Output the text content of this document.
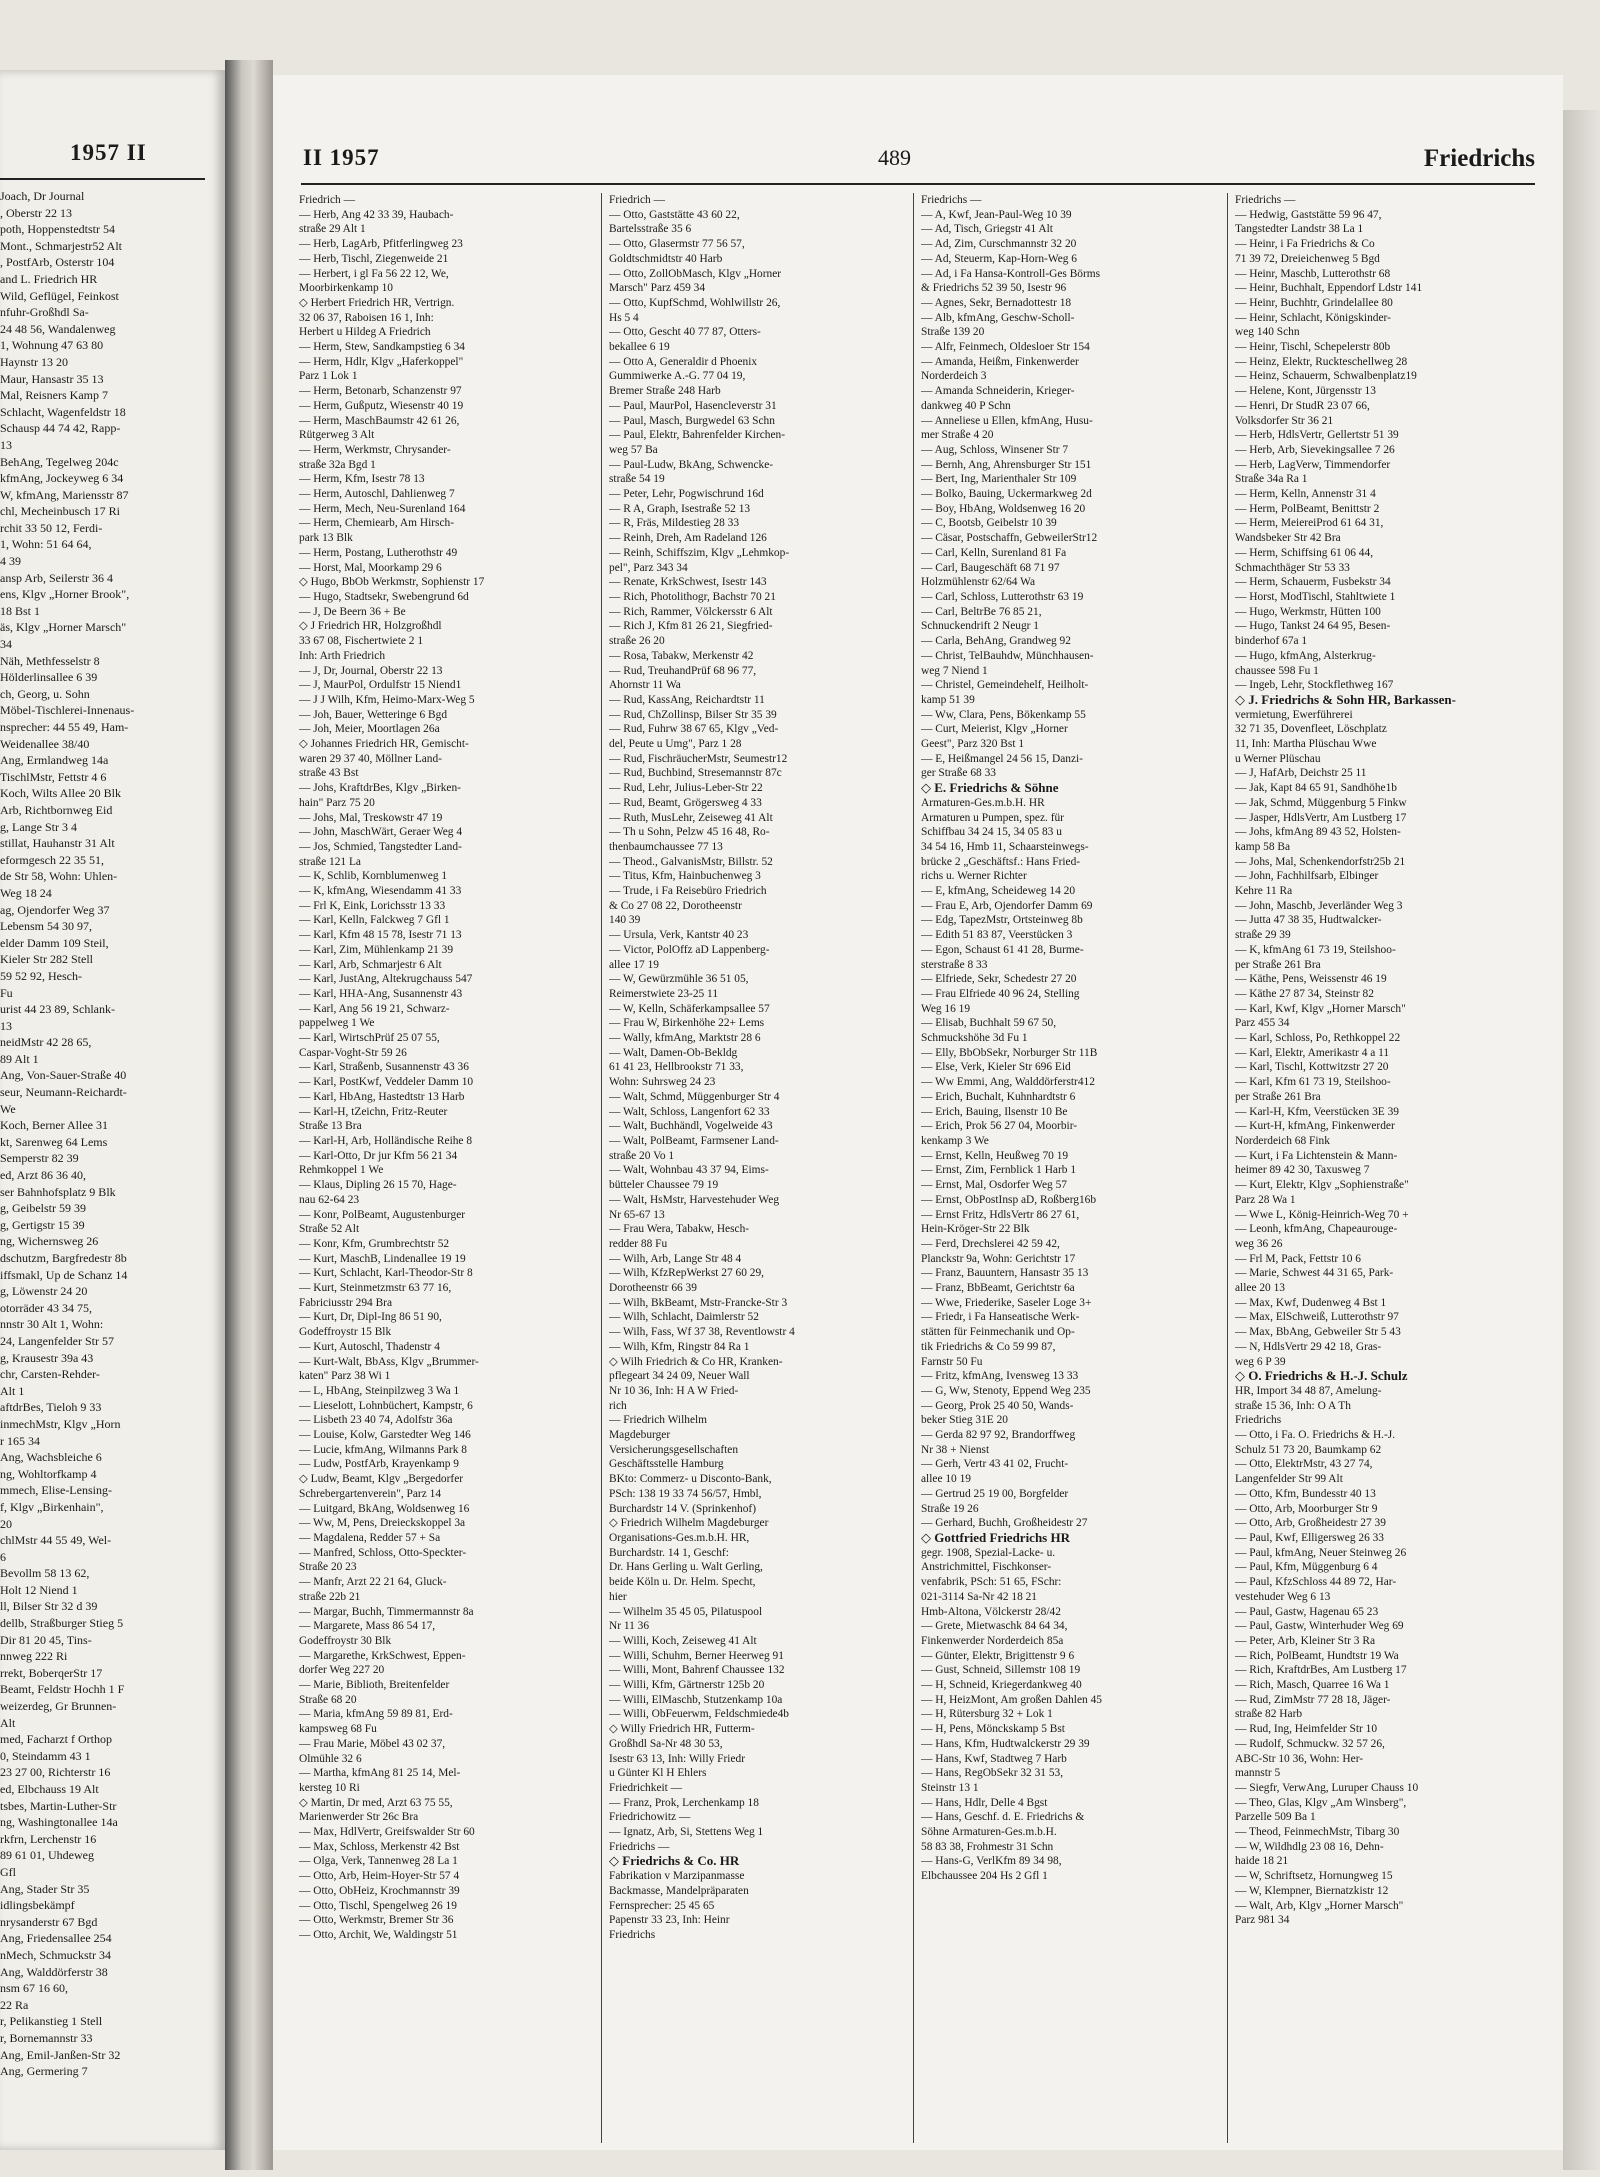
1957 II
Joach, Dr Journal
, Oberstr 22 13
poth, Hoppenstedtstr 54
Mont., Schmarjestr52 Alt
, PostfArb, Osterstr 104
and L. Friedrich HR
Wild, Geflügel, Feinkost
nfuhr-Großhdl Sa-
24 48 56, Wandalenweg
1, Wohnung 47 63 80
Haynstr 13 20
Maur, Hansastr 35 13
Mal, Reisners Kamp 7
Schlacht, Wagenfeldstr 18
Schausp 44 74 42, Rapp-
13
BehAng, Tegelweg 204c
kfmAng, Jockeyweg 6 34
W, kfmAng, Mariensstr 87
chl, Mecheinbusch 17 Ri
rchit 33 50 12, Ferdi-
1, Wohn: 51 64 64,
4 39
ansp Arb, Seilerstr 36 4
ens, Klgv „Horner Brook",
18 Bst 1
äs, Klgv „Horner Marsch"
34
Näh, Methfesselstr 8
Hölderlinsallee 6 39
ch, Georg, u. Sohn
Möbel-Tischlerei-Innenaus-
nsprecher: 44 55 49, Ham-
Weidenallee 38/40
Ang, Ermlandweg 14a
TischlMstr, Fettstr 4 6
Koch, Wilts Allee 20 Blk
Arb, Richtbornweg Eid
g, Lange Str 3 4
stillat, Hauhanstr 31 Alt
eformgesch 22 35 51,
de Str 58, Wohn: Uhlen-
Weg 18 24
ag, Ojendorfer Weg 37
Lebensm 54 30 97,
elder Damm 109 Steil,
Kieler Str 282 Stell
59 52 92, Hesch-
Fu
urist 44 23 89, Schlank-
13
neidMstr 42 28 65,
89 Alt 1
Ang, Von-Sauer-Straße 40
seur, Neumann-Reichardt-
We
Koch, Berner Allee 31
kt, Sarenweg 64 Lems
Semperstr 82 39
ed, Arzt 86 36 40,
ser Bahnhofsplatz 9 Blk
g, Geibelstr 59 39
g, Gertigstr 15 39
ng, Wichernsweg 26
dschutzm, Bargfredestr 8b
iffsmakl, Up de Schanz 14
g, Löwenstr 24 20
otorräder 43 34 75,
nnstr 30 Alt 1, Wohn:
24, Langenfelder Str 57
g, Krausestr 39a 43
chr, Carsten-Rehder-
Alt 1
aftdrBes, Tieloh 9 33
inmechMstr, Klgv „Horn
r 165 34
Ang, Wachsbleiche 6
ng, Wohltorfkamp 4
mmech, Elise-Lensing-
f, Klgv „Birkenhain",
20
chlMstr 44 55 49, Wel-
6
Bevollm 58 13 62,
Holt 12 Niend 1
ll, Bilser Str 32 d 39
dellb, Straßburger Stieg 5
Dir 81 20 45, Tins-
nnweg 222 Ri
rrekt, BoberqerStr 17
Beamt, Feldstr Hochh 1 F
weizerdeg, Gr Brunnen-
Alt
med, Facharzt f Orthop
0, Steindamm 43 1
23 27 00, Richterstr 16
ed, Elbchauss 19 Alt
tsbes, Martin-Luther-Str
ng, Washingtonallee 14a
rkfrn, Lerchenstr 16
89 61 01, Uhdeweg
Gfl
Ang, Stader Str 35
idlingsbekämpf
nrysanderstr 67 Bgd
Ang, Friedensallee 254
nMech, Schmuckstr 34
Ang, Walddörferstr 38
nsm 67 16 60,
22 Ra
r, Pelikanstieg 1 Stell
r, Bornemannstr 33
Ang, Emil-Janßen-Str 32
Ang, Germering 7
II 1957	489	Friedrichs
Friedrich —
— Herb, Ang 42 33 39, Haubach-
straße 29 Alt 1
— Herb, LagArb, Pfitferlingweg 23
— Herb, Tischl, Ziegenweide 21
— Herbert, i gl Fa 56 22 12, We,
Moorbirkenkamp 10
◇ Herbert Friedrich HR, Vertrign.
32 06 37, Raboisen 16 1, Inh:
Herbert u Hildeg A Friedrich
— Herm, Stew, Sandkampstieg 6 34
— Herm, Hdlr, Klgv „Haferkoppel"
Parz 1 Lok 1
— Herm, Betonarb, Schanzenstr 97
— Herm, Gußputz, Wiesenstr 40 19
— Herm, MaschBaumstr 42 61 26,
Rütgerweg 3 Alt
— Herm, Werkmstr, Chrysander-
straße 32a Bgd 1
— Herm, Kfm, Isestr 78 13
— Herm, Autoschl, Dahlienweg 7
— Herm, Mech, Neu-Surenland 164
— Herm, Chemiearb, Am Hirsch-
park 13 Blk
— Herm, Postang, Lutherothstr 49
— Horst, Mal, Moorkamp 29 6
◇ Hugo, BbOb Werkmstr, Sophienstr 17
— Hugo, Stadtsekr, Swebengrund 6d
— J, De Beern 36 + Be
◇ J Friedrich HR, Holzgroßhdl
33 67 08, Fischertwiete 2 1
Inh: Arth Friedrich
— J, Dr, Journal, Oberstr 22 13
— J, MaurPol, Ordulfstr 15 Niend1
— J J Wilh, Kfm, Heimo-Marx-Weg 5
— Joh, Bauer, Wetteringe 6 Bgd
— Joh, Meier, Moortlagen 26a
◇ Johannes Friedrich HR, Gemischt-
waren 29 37 40, Möllner Land-
straße 43 Bst
— Johs, KraftdrBes, Klgv „Birken-
hain" Parz 75 20
— Johs, Mal, Treskowstr 47 19
— John, MaschWärt, Geraer Weg 4
— Jos, Schmied, Tangstedter Land-
straße 121 La
— K, Schlib, Kornblumenweg 1
— K, kfmAng, Wiesendamm 41 33
— Frl K, Eink, Lorichsstr 13 33
— Karl, Kelln, Falckweg 7 Gfl 1
— Karl, Kfm 48 15 78, Isestr 71 13
— Karl, Zim, Mühlenkamp 21 39
— Karl, Arb, Schmarjestr 6 Alt
— Karl, JustAng, Altekrugchauss 547
— Karl, HHA-Ang, Susannenstr 43
— Karl, Ang 56 19 21, Schwarz-
pappelweg 1 We
— Karl, WirtschPrüf 25 07 55,
Caspar-Voght-Str 59 26
— Karl, Straßenb, Susannenstr 43 36
— Karl, PostKwf, Veddeler Damm 10
— Karl, HbAng, Hastedtstr 13 Harb
— Karl-H, tZeichn, Fritz-Reuter
Straße 13 Bra
— Karl-H, Arb, Holländische Reihe 8
— Karl-Otto, Dr jur Kfm 56 21 34
Rehmkoppel 1 We
— Klaus, Dipling 26 15 70, Hage-
nau 62-64 23
— Konr, PolBeamt, Augustenburger
Straße 52 Alt
— Konr, Kfm, Grumbrechtstr 52
— Kurt, MaschB, Lindenallee 19 19
— Kurt, Schlacht, Karl-Theodor-Str 8
— Kurt, Steinmetzmstr 63 77 16,
Fabriciusstr 294 Bra
— Kurt, Dr, Dipl-Ing 86 51 90,
Godeffroystr 15 Blk
— Kurt, Autoschl, Thadenstr 4
— Kurt-Walt, BbAss, Klgv „Brummer-
katen" Parz 38 Wi 1
— L, HbAng, Steinpilzweg 3 Wa 1
— Lieselott, Lohnbüchert, Kampstr, 6
— Lisbeth 23 40 74, Adolfstr 36a
— Louise, Kolw, Garstedter Weg 146
— Lucie, kfmAng, Wilmanns Park 8
— Ludw, PostfArb, Krayenkamp 9
◇ Ludw, Beamt, Klgv „Bergedorfer
Schrebergartenverein", Parz 14
— Luitgard, BkAng, Woldsenweg 16
— Ww, M, Pens, Dreieckskoppel 3a
— Magdalena, Redder 57 + Sa
— Manfred, Schloss, Otto-Speckter-
Straße 20 23
— Manfr, Arzt 22 21 64, Gluck-
straße 22b 21
— Margar, Buchh, Timmermannstr 8a
— Margarete, Mass 86 54 17,
Godeffroystr 30 Blk
— Margarethe, KrkSchwest, Eppen-
dorfer Weg 227 20
— Marie, Biblioth, Breitenfelder
Straße 68 20
— Maria, kfmAng 59 89 81, Erd-
kampsweg 68 Fu
— Frau Marie, Möbel 43 02 37,
Olmühle 32 6
— Martha, kfmAng 81 25 14, Mel-
kersteg 10 Ri
◇ Martin, Dr med, Arzt 63 75 55,
Marienwerder Str 26c Bra
— Max, HdlVertr, Greifswalder Str 60
— Max, Schloss, Merkenstr 42 Bst
— Olga, Verk, Tannenweg 28 La 1
— Otto, Arb, Heim-Hoyer-Str 57 4
— Otto, ObHeiz, Krochmannstr 39
— Otto, Tischl, Spengelweg 26 19
— Otto, Werkmstr, Bremer Str 36
— Otto, Archit, We, Waldingstr 51
Friedrich —
— Otto, Gaststätte 43 60 22,
Bartelsstraße 35 6
— Otto, Glasermstr 77 56 57,
Goldtschmidtstr 40 Harb
— Otto, ZollObMasch, Klgv „Horner
Marsch" Parz 459 34
— Otto, KupfSchmd, Wohlwillstr 26,
Hs 5 4
— Otto, Gescht 40 77 87, Otters-
bekallee 6 19
— Otto A, Generaldir d Phoenix
Gummiwerke A.-G. 77 04 19,
Bremer Straße 248 Harb
— Paul, MaurPol, Hasencleverstr 31
— Paul, Masch, Burgwedel 63 Schn
— Paul, Elektr, Bahrenfelder Kirchen-
weg 57 Ba
— Paul-Ludw, BkAng, Schwencke-
straße 54 19
— Peter, Lehr, Pogwischrund 16d
— R A, Graph, Isestraße 52 13
— R, Fräs, Mildestieg 28 33
— Reinh, Dreh, Am Radeland 126
— Reinh, Schiffszim, Klgv „Lehmkop-
pel", Parz 343 34
— Renate, KrkSchwest, Isestr 143
— Rich, Photolithogr, Bachstr 70 21
— Rich, Rammer, Völckersstr 6 Alt
— Rich J, Kfm 81 26 21, Siegfried-
straße 26 20
— Rosa, Tabakw, Merkenstr 42
— Rud, TreuhandPrüf 68 96 77,
Ahornstr 11 Wa
— Rud, KassAng, Reichardtstr 11
— Rud, ChZollinsp, Bilser Str 35 39
— Rud, Fuhrw 38 67 65, Klgv „Ved-
del, Peute u Umg", Parz 1 28
— Rud, FischräucherMstr, Seumestr12
— Rud, Buchbind, Stresemannstr 87c
— Rud, Lehr, Julius-Leber-Str 22
— Rud, Beamt, Grögersweg 4 33
— Ruth, MusLehr, Zeiseweg 41 Alt
— Th u Sohn, Pelzw 45 16 48, Ro-
thenbaumchaussee 77 13
— Theod., GalvanisMstr, Billstr. 52
— Titus, Kfm, Hainbuchenweg 3
— Trude, i Fa Reisebüro Friedrich
& Co 27 08 22, Dorotheenstr
140 39
— Ursula, Verk, Kantstr 40 23
— Victor, PolOffz aD Lappenberg-
allee 17 19
— W, Gewürzmühle 36 51 05,
Reimerstwiete 23-25 11
— W, Kelln, Schäferkampsallee 57
— Frau W, Birkenhöhe 22+ Lems
— Wally, kfmAng, Marktstr 28 6
— Walt, Damen-Ob-Bekldg
61 41 23, Hellbrookstr 71 33,
Wohn: Suhrsweg 24 23
— Walt, Schmd, Müggenburger Str 4
— Walt, Schloss, Langenfort 62 33
— Walt, Buchhändl, Vogelweide 43
— Walt, PolBeamt, Farmsener Land-
straße 20 Vo 1
— Walt, Wohnbau 43 37 94, Eims-
bütteler Chaussee 79 19
— Walt, HsMstr, Harvestehuder Weg
Nr 65-67 13
— Frau Wera, Tabakw, Hesch-
redder 88 Fu
— Wilh, Arb, Lange Str 48 4
— Wilh, KfzRepWerkst 27 60 29,
Dorotheenstr 66 39
— Wilh, BkBeamt, Mstr-Francke-Str 3
— Wilh, Schlacht, Daimlerstr 52
— Wilh, Fass, Wf 37 38, Reventlowstr 4
— Wilh, Kfm, Ringstr 84 Ra 1
◇ Wilh Friedrich & Co HR, Kranken-
pflegeart 34 24 09, Neuer Wall
Nr 10 36, Inh: H A W Fried-
rich
— Friedrich Wilhelm
Magdeburger
Versicherungsgesellschaften
Geschäftsstelle Hamburg
BKto: Commerz- u Disconto-Bank,
PSch: 138 19 33 74 56/57, Hmbl,
Burchardstr 14 V. (Sprinkenhof)
◇ Friedrich Wilhelm Magdeburger
Organisations-Ges.m.b.H. HR,
Burchardstr. 14 1, Geschf:
Dr. Hans Gerling u. Walt Gerling,
beide Köln u. Dr. Helm. Specht,
hier
— Wilhelm 35 45 05, Pilatuspool
Nr 11 36
— Willi, Koch, Zeiseweg 41 Alt
— Willi, Schuhm, Berner Heerweg 91
— Willi, Mont, Bahrenf Chaussee 132
— Willi, Kfm, Gärtnerstr 125b 20
— Willi, ElMaschb, Stutzenkamp 10a
— Willi, ObFeuerwm, Feldschmiede4b
◇ Willy Friedrich HR, Futterm-
Großhdl Sa-Nr 48 30 53,
Isestr 63 13, Inh: Willy Friedr
u Günter Kl H Ehlers
Friedrichkeit —
— Franz, Prok, Lerchenkamp 18
Friedrichowitz —
— Ignatz, Arb, Si, Stettens Weg 1
Friedrichs —
◇ Friedrichs & Co. HR
Fabrikation v Marzipanmasse
Backmasse, Mandelpräparaten
Fernsprecher: 25 45 65
Papenstr 33 23, Inh: Heinr
Friedrichs
Friedrichs —
— A, Kwf, Jean-Paul-Weg 10 39
— Ad, Tisch, Griegstr 41 Alt
— Ad, Zim, Curschmannstr 32 20
— Ad, Steuerm, Kap-Horn-Weg 6
— Ad, i Fa Hansa-Kontroll-Ges Börms
& Friedrichs 52 39 50, Isestr 96
— Agnes, Sekr, Bernadottestr 18
— Alb, kfmAng, Geschw-Scholl-
Straße 139 20
— Alfr, Feinmech, Oldesloer Str 154
— Amanda, Heißm, Finkenwerder
Norderdeich 3
— Amanda Schneiderin, Krieger-
dankweg 40 P Schn
— Anneliese u Ellen, kfmAng, Husu-
mer Straße 4 20
— Aug, Schloss, Winsener Str 7
— Bernh, Ang, Ahrensburger Str 151
— Bert, Ing, Marienthaler Str 109
— Bolko, Bauing, Uckermarkweg 2d
— Boy, HbAng, Woldsenweg 16 20
— C, Bootsb, Geibelstr 10 39
— Cäsar, Postschaffn, GebweilerStr12
— Carl, Kelln, Surenland 81 Fa
— Carl, Baugeschäft 68 71 97
Holzmühlenstr 62/64 Wa
— Carl, Schloss, Lutterothstr 63 19
— Carl, BeltrBe 76 85 21,
Schnuckendrift 2 Neugr 1
— Carla, BehAng, Grandweg 92
— Christ, TelBauhdw, Münchhausen-
weg 7 Niend 1
— Christel, Gemeindehelf, Heilholt-
kamp 51 39
— Ww, Clara, Pens, Bökenkamp 55
— Curt, Meierist, Klgv „Horner
Geest", Parz 320 Bst 1
— E, Heißmangel 24 56 15, Danzi-
ger Straße 68 33
◇ E. Friedrichs & Söhne
Armaturen-Ges.m.b.H. HR
Armaturen u Pumpen, spez. für
Schiffbau 34 24 15, 34 05 83 u
34 54 16, Hmb 11, Schaarsteinwegs-
brücke 2 „Geschäftsf.: Hans Fried-
richs u. Werner Richter
— E, kfmAng, Scheideweg 14 20
— Frau E, Arb, Ojendorfer Damm 69
— Edg, TapezMstr, Ortsteinweg 8b
— Edith 51 83 87, Veerstücken 3
— Egon, Schaust 61 41 28, Burme-
sterstraße 8 33
— Elfriede, Sekr, Schedestr 27 20
— Frau Elfriede 40 96 24, Stelling
Weg 16 19
— Elisab, Buchhalt 59 67 50,
Schmuckshöhe 3d Fu 1
— Elly, BbObSekr, Norburger Str 11B
— Else, Verk, Kieler Str 696 Eid
— Ww Emmi, Ang, Walddörferstr412
— Erich, Buchalt, Kuhnhardtstr 6
— Erich, Bauing, Ilsenstr 10 Be
— Erich, Prok 56 27 04, Moorbir-
kenkamp 3 We
— Ernst, Kelln, Heußweg 70 19
— Ernst, Zim, Fernblick 1 Harb 1
— Ernst, Mal, Osdorfer Weg 57
— Ernst, ObPostInsp aD, Roßberg16b
— Ernst Fritz, HdlsVertr 86 27 61,
Hein-Kröger-Str 22 Blk
— Ferd, Drechslerei 42 59 42,
Planckstr 9a, Wohn: Gerichtstr 17
— Franz, Bauuntern, Hansastr 35 13
— Franz, BbBeamt, Gerichtstr 6a
— Wwe, Friederike, Saseler Loge 3+
— Friedr, i Fa Hanseatische Werk-
stätten für Feinmechanik und Op-
tik Friedrichs & Co 59 99 87,
Farnstr 50 Fu
— Fritz, kfmAng, Ivensweg 13 33
— G, Ww, Stenoty, Eppend Weg 235
— Georg, Prok 25 40 50, Wands-
beker Stieg 31E 20
— Gerda 82 97 92, Brandorffweg
Nr 38 + Nienst
— Gerh, Vertr 43 41 02, Frucht-
allee 10 19
— Gertrud 25 19 00, Borgfelder
Straße 19 26
— Gerhard, Buchh, Großheidestr 27
◇ Gottfried Friedrichs HR
gegr. 1908, Spezial-Lacke- u.
Anstrichmittel, Fischkonser-
venfabrik, PSch: 51 65, FSchr:
021-3114 Sa-Nr 42 18 21
Hmb-Altona, Völckerstr 28/42
— Grete, Mietwaschk 84 64 34,
Finkenwerder Norderdeich 85a
— Günter, Elektr, Brigittenstr 9 6
— Gust, Schneid, Sillemstr 108 19
— H, Schneid, Kriegerdankweg 40
— H, HeizMont, Am großen Dahlen 45
— H, Rütersburg 32 + Lok 1
— H, Pens, Mönckskamp 5 Bst
— Hans, Kfm, Hudtwalckerstr 29 39
— Hans, Kwf, Stadtweg 7 Harb
— Hans, RegObSekr 32 31 53,
Steinstr 13 1
— Hans, Hdlr, Delle 4 Bgst
— Hans, Geschf. d. E. Friedrichs &
Söhne Armaturen-Ges.m.b.H.
58 83 38, Frohmestr 31 Schn
— Hans-G, VerlKfm 89 34 98,
Elbchaussee 204 Hs 2 Gfl 1
Friedrichs —
— Hedwig, Gaststätte 59 96 47,
Tangstedter Landstr 38 La 1
— Heinr, i Fa Friedrichs & Co
71 39 72, Dreieichenweg 5 Bgd
— Heinr, Maschb, Lutterothstr 68
— Heinr, Buchhalt, Eppendorf Ldstr 141
— Heinr, Buchhtr, Grindelallee 80
— Heinr, Schlacht, Königskinder-
weg 140 Schn
— Heinr, Tischl, Schepelerstr 80b
— Heinz, Elektr, Ruckteschellweg 28
— Heinz, Schauerm, Schwalbenplatz19
— Helene, Kont, Jürgensstr 13
— Henri, Dr StudR 23 07 66,
Volksdorfer Str 36 21
— Herb, HdlsVertr, Gellertstr 51 39
— Herb, Arb, Sievekingsallee 7 26
— Herb, LagVerw, Timmendorfer
Straße 34a Ra 1
— Herm, Kelln, Annenstr 31 4
— Herm, PolBeamt, Benittstr 2
— Herm, MeiereiProd 61 64 31,
Wandsbeker Str 42 Bra
— Herm, Schiffsing 61 06 44,
Schmachthäger Str 53 33
— Herm, Schauerm, Fusbekstr 34
— Horst, ModTischl, Stahltwiete 1
— Hugo, Werkmstr, Hütten 100
— Hugo, Tankst 24 64 95, Besen-
binderhof 67a 1
— Hugo, kfmAng, Alsterkrug-
chaussee 598 Fu 1
— Ingeb, Lehr, Stockflethweg 167
◇ J. Friedrichs & Sohn HR, Barkassen-
vermietung, Ewerführerei
32 71 35, Dovenfleet, Löschplatz
11, Inh: Martha Plüschau Wwe
u Werner Plüschau
— J, HafArb, Deichstr 25 11
— Jak, Kapt 84 65 91, Sandhöhe1b
— Jak, Schmd, Müggenburg 5 Finkw
— Jasper, HdlsVertr, Am Lustberg 17
— Johs, kfmAng 89 43 52, Holsten-
kamp 58 Ba
— Johs, Mal, Schenkendorfstr25b 21
— John, Fachhilfsarb, Elbinger
Kehre 11 Ra
— John, Maschb, Jeverländer Weg 3
— Jutta 47 38 35, Hudtwalcker-
straße 29 39
— K, kfmAng 61 73 19, Steilshoo-
per Straße 261 Bra
— Käthe, Pens, Weissenstr 46 19
— Käthe 27 87 34, Steinstr 82
— Karl, Kwf, Klgv „Horner Marsch"
Parz 455 34
— Karl, Schloss, Po, Rethkoppel 22
— Karl, Elektr, Amerikastr 4 a 11
— Karl, Tischl, Kottwitzstr 27 20
— Karl, Kfm 61 73 19, Steilshoo-
per Straße 261 Bra
— Karl-H, Kfm, Veerstücken 3E 39
— Kurt-H, kfmAng, Finkenwerder
Norderdeich 68 Fink
— Kurt, i Fa Lichtenstein & Mann-
heimer 89 42 30, Taxusweg 7
— Kurt, Elektr, Klgv „Sophienstraße"
Parz 28 Wa 1
— Wwe L, König-Heinrich-Weg 70 +
— Leonh, kfmAng, Chapeaurouge-
weg 36 26
— Frl M, Pack, Fettstr 10 6
— Marie, Schwest 44 31 65, Park-
allee 20 13
— Max, Kwf, Dudenweg 4 Bst 1
— Max, ElSchweiß, Lutterothstr 97
— Max, BbAng, Gebweiler Str 5 43
— N, HdlsVertr 29 42 18, Gras-
weg 6 P 39
◇ O. Friedrichs & H.-J. Schulz
HR, Import 34 48 87, Amelung-
straße 15 36, Inh: O A Th
Friedrichs
— Otto, i Fa. O. Friedrichs & H.-J.
Schulz 51 73 20, Baumkamp 62
— Otto, ElektrMstr, 43 27 74,
Langenfelder Str 99 Alt
— Otto, Kfm, Bundesstr 40 13
— Otto, Arb, Moorburger Str 9
— Otto, Arb, Großheidestr 27 39
— Paul, Kwf, Elligersweg 26 33
— Paul, kfmAng, Neuer Steinweg 26
— Paul, Kfm, Müggenburg 6 4
— Paul, KfzSchloss 44 89 72, Har-
vestehuder Weg 6 13
— Paul, Gastw, Hagenau 65 23
— Paul, Gastw, Winterhuder Weg 69
— Peter, Arb, Kleiner Str 3 Ra
— Rich, PolBeamt, Hundtstr 19 Wa
— Rich, KraftdrBes, Am Lustberg 17
— Rich, Masch, Quarree 16 Wa 1
— Rud, ZimMstr 77 28 18, Jäger-
straße 82 Harb
— Rud, Ing, Heimfelder Str 10
— Rudolf, Schmuckw. 32 57 26,
ABC-Str 10 36, Wohn: Her-
mannstr 5
— Siegfr, VerwAng, Luruper Chauss 10
— Theo, Glas, Klgv „Am Winsberg",
Parzelle 509 Ba 1
— Theod, FeinmechMstr, Tibarg 30
— W, Wildhdlg 23 08 16, Dehn-
haide 18 21
— W, Schriftsetz, Hornungweg 15
— W, Klempner, Biernatzkistr 12
— Walt, Arb, Klgv „Horner Marsch"
Parz 981 34
